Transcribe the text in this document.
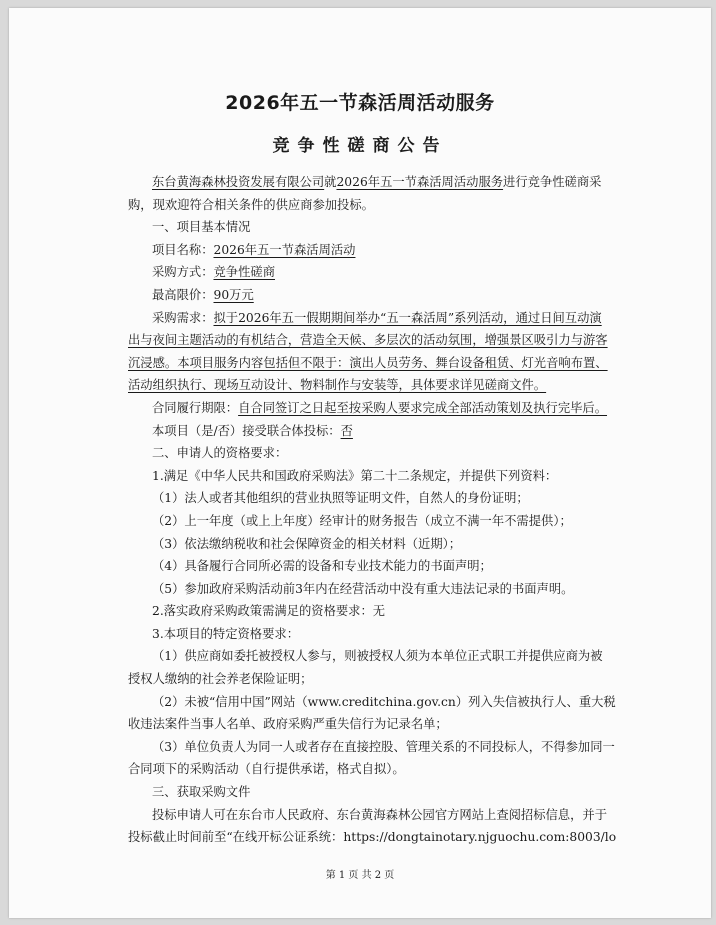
2026年五一节森活周活动服务
竞争性磋商公告
东台黄海森林投资发展有限公司就2026年五一节森活周活动服务进行竞争性磋商采
购，现欢迎符合相关条件的供应商参加投标。
一、项目基本情况
项目名称：2026年五一节森活周活动
采购方式：竞争性磋商
最高限价：90万元
采购需求：拟于2026年五一假期期间举办“五一森活周”系列活动，通过日间互动演
出与夜间主题活动的有机结合，营造全天候、多层次的活动氛围，增强景区吸引力与游客
沉浸感。本项目服务内容包括但不限于：演出人员劳务、舞台设备租赁、灯光音响布置、
活动组织执行、现场互动设计、物料制作与安装等，具体要求详见磋商文件。
合同履行期限：自合同签订之日起至按采购人要求完成全部活动策划及执行完毕后。
本项目（是/否）接受联合体投标：否
二、申请人的资格要求：
1.满足《中华人民共和国政府采购法》第二十二条规定，并提供下列资料：
（1）法人或者其他组织的营业执照等证明文件，自然人的身份证明；
（2）上一年度（或上上年度）经审计的财务报告（成立不满一年不需提供）；
（3）依法缴纳税收和社会保障资金的相关材料（近期）；
（4）具备履行合同所必需的设备和专业技术能力的书面声明；
（5）参加政府采购活动前3年内在经营活动中没有重大违法记录的书面声明。
2.落实政府采购政策需满足的资格要求：无
3.本项目的特定资格要求：
（1）供应商如委托被授权人参与，则被授权人须为本单位正式职工并提供应商为被
授权人缴纳的社会养老保险证明；
（2）未被“信用中国”网站（www.creditchina.gov.cn）列入失信被执行人、重大税
收违法案件当事人名单、政府采购严重失信行为记录名单；
（3）单位负责人为同一人或者存在直接控股、管理关系的不同投标人，不得参加同一
合同项下的采购活动（自行提供承诺，格式自拟）。
三、获取采购文件
投标申请人可在东台市人民政府、东台黄海森林公园官方网站上查阅招标信息，并于
投标截止时间前至“在线开标公证系统：https://dongtainotary.njguochu.com:8003/lo
第 1 页 共 2 页
